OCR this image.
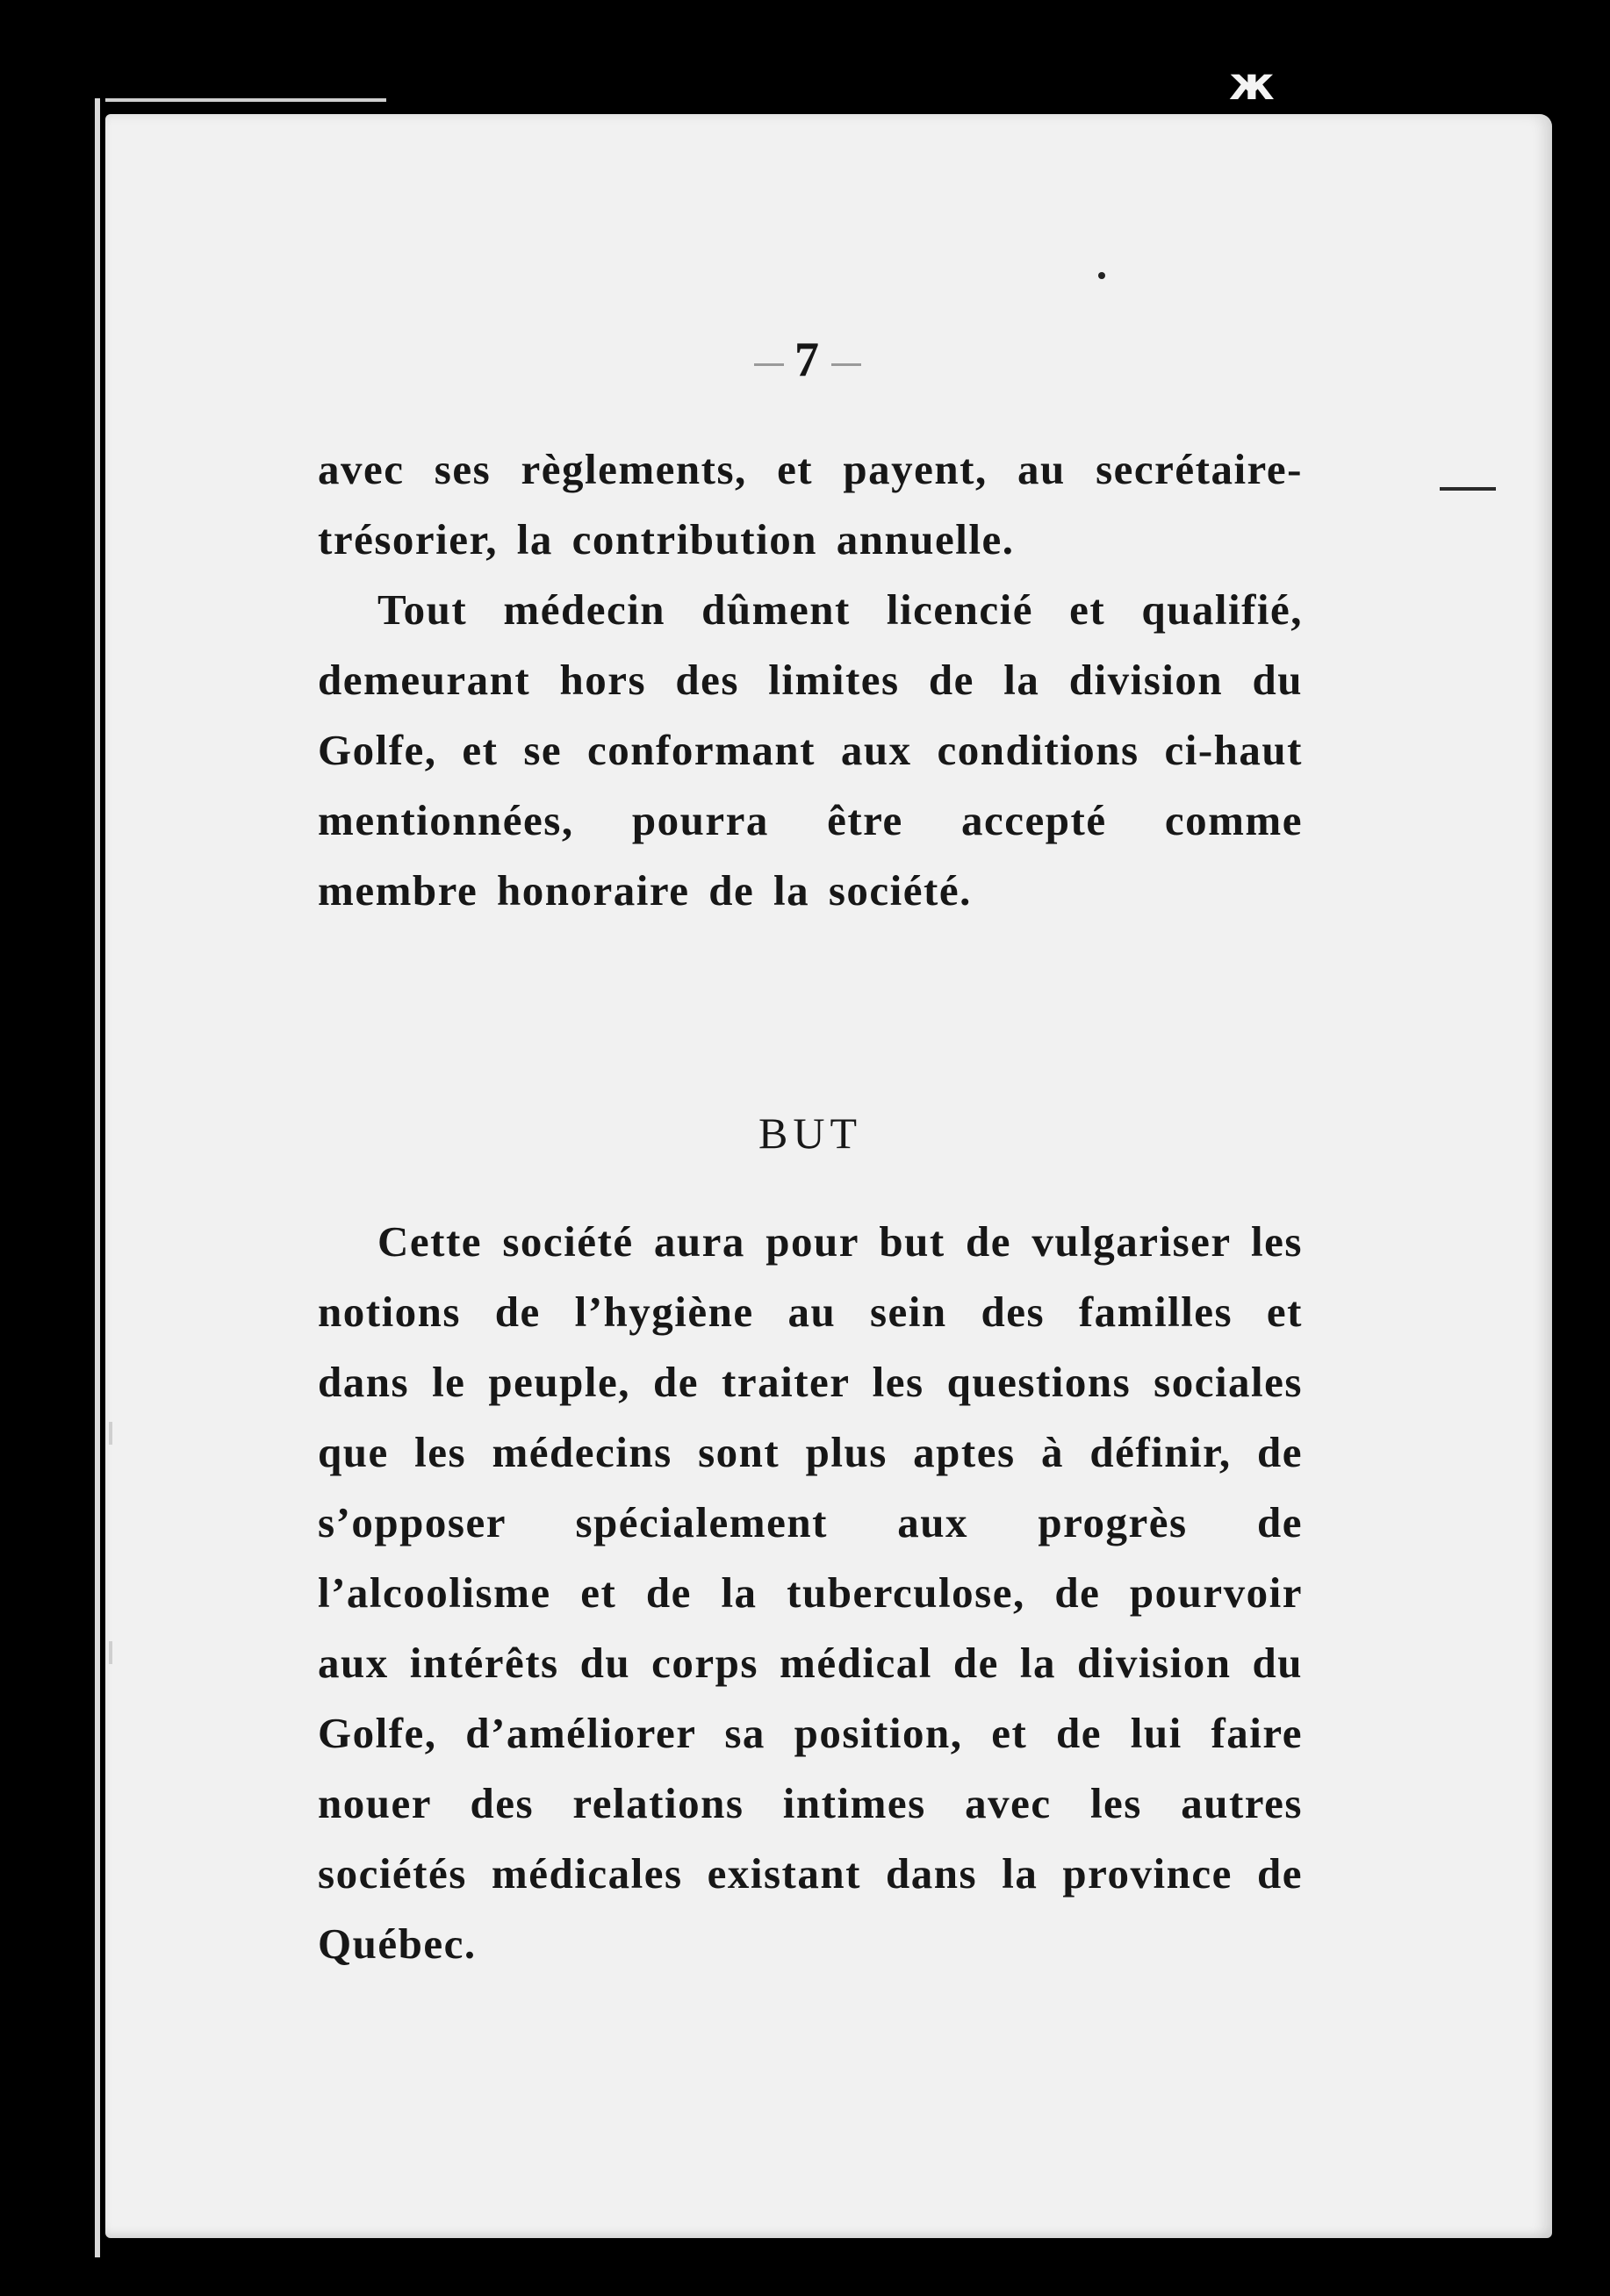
ж
7

avec ses règlements, et payent, au secrétaire-trésorier, la contribution annuelle.

Tout médecin dûment licencié et qualifié, demeurant hors des limites de la division du Golfe, et se conformant aux conditions ci-haut mentionnées, pourra être accepté comme membre honoraire de la société.

BUT

Cette société aura pour but de vulgariser les notions de l’hygiène au sein des familles et dans le peuple, de traiter les questions sociales que les médecins sont plus aptes à définir, de s’opposer spécialement aux progrès de l’alcoolisme et de la tuberculose, de pourvoir aux intérêts du corps médical de la division du Golfe, d’améliorer sa position, et de lui faire nouer des relations intimes avec les autres sociétés médicales existant dans la province de Québec.
